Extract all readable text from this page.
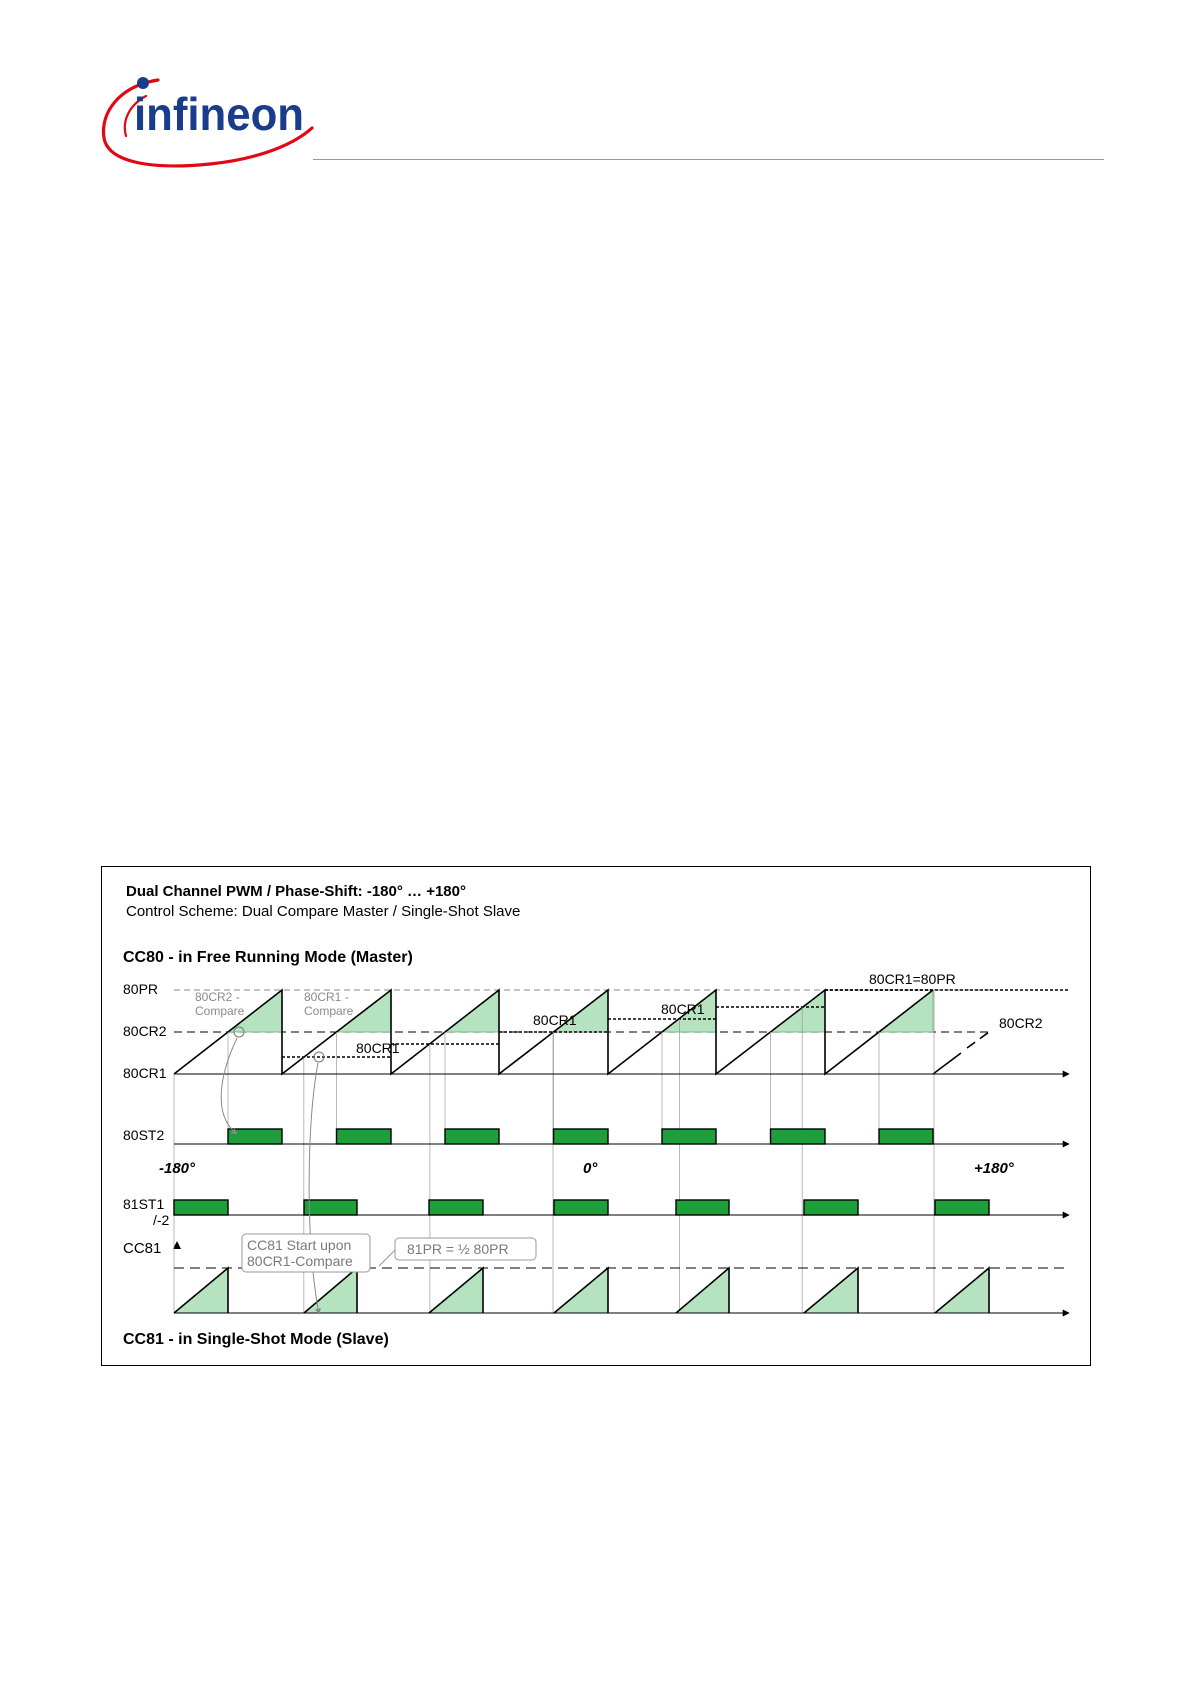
infineon
Dual Channel PWM / Phase-Shift: -180° … +180°
Control Scheme: Dual Compare Master / Single-Shot Slave
CC80 - in Free Running Mode (Master)
80PR
80CR2
80CR1
80ST2
81ST1
/-2
CC81
-180°	0°	+180°
80CR2 -
Compare
80CR1 -
Compare
80CR1
80CR1
80CR1
80CR1=80PR
80CR2
CC81 Start upon
80CR1-Compare
81PR = ½ 80PR
CC81 - in Single-Shot Mode (Slave)
